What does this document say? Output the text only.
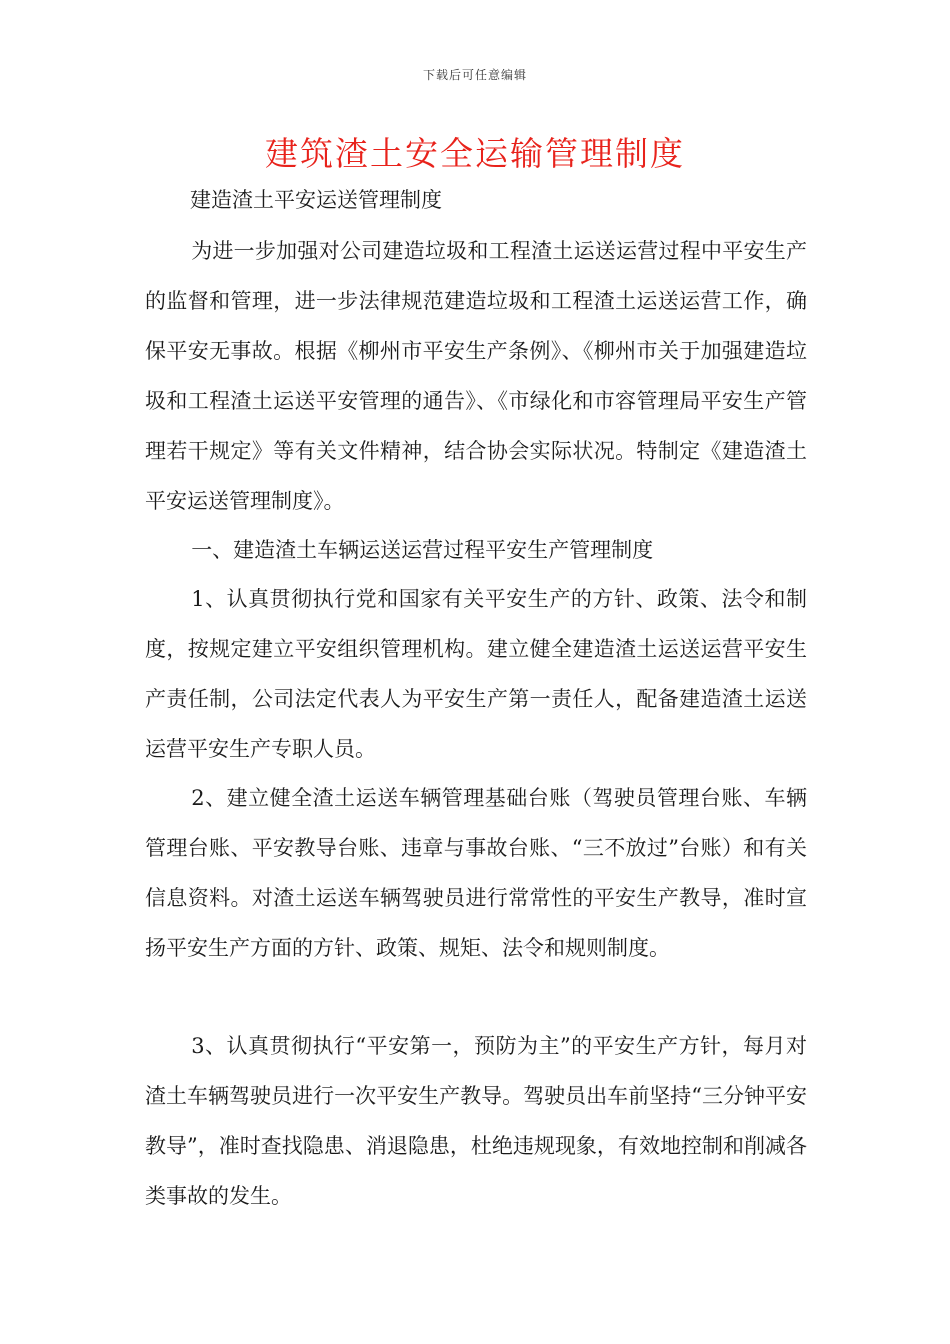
下载后可任意编辑
建筑渣土安全运输管理制度
建造渣土平安运送管理制度

为进一步加强对公司建造垃圾和工程渣土运送运营过程中平安生产的监督和管理，进一步法律规范建造垃圾和工程渣土运送运营工作，确保平安无事故。根据《柳州市平安生产条例》、《柳州市关于加强建造垃圾和工程渣土运送平安管理的通告》、《市绿化和市容管理局平安生产管理若干规定》等有关文件精神，结合协会实际状况。特制定《建造渣土平安运送管理制度》。

一、建造渣土车辆运送运营过程平安生产管理制度

1、认真贯彻执行党和国家有关平安生产的方针、政策、法令和制度，按规定建立平安组织管理机构。建立健全建造渣土运送运营平安生产责任制，公司法定代表人为平安生产第一责任人，配备建造渣土运送运营平安生产专职人员。

2、建立健全渣土运送车辆管理基础台账（驾驶员管理台账、车辆管理台账、平安教导台账、违章与事故台账、“三不放过”台账）和有关信息资料。对渣土运送车辆驾驶员进行常常性的平安生产教导，准时宣扬平安生产方面的方针、政策、规矩、法令和规则制度。

3、认真贯彻执行“平安第一，预防为主”的平安生产方针，每月对渣土车辆驾驶员进行一次平安生产教导。驾驶员出车前坚持“三分钟平安教导”，准时查找隐患、消退隐患，杜绝违规现象，有效地控制和削减各类事故的发生。
